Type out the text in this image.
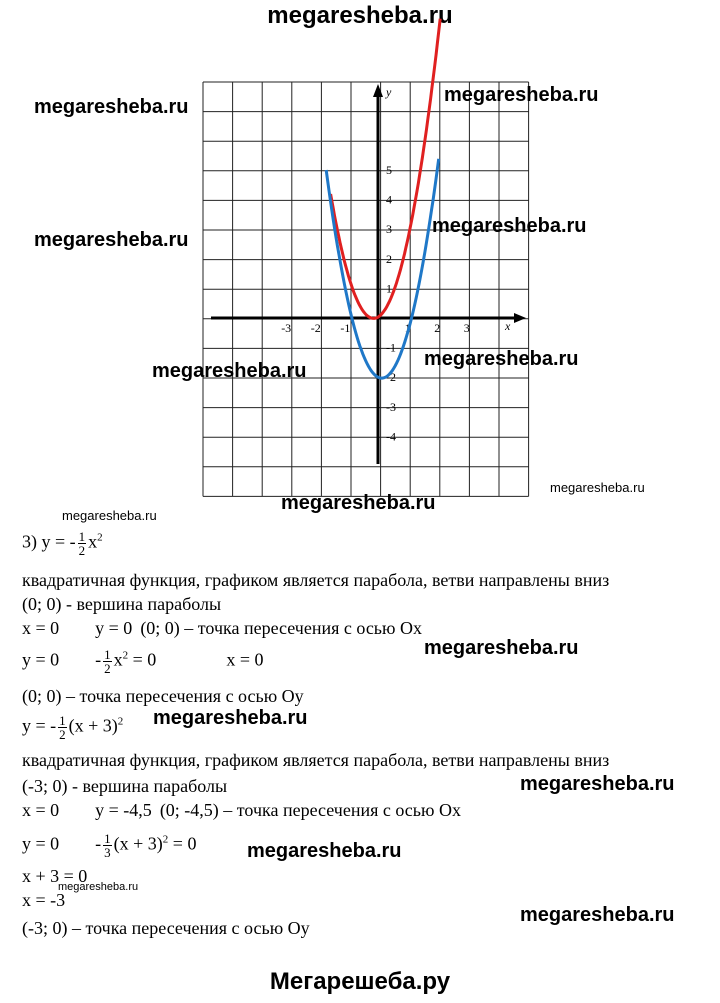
megaresheba.ru
x
y
-3 -2 -1	1 2 3
5
4
3
2
1
-1
-2
-3
-4
megaresheba.ru
megaresheba.ru
megaresheba.ru
megaresheba.ru
megaresheba.ru
megaresheba.ru
megaresheba.ru
megaresheba.ru
megaresheba.ru
megaresheba.ru
megaresheba.ru
megaresheba.ru
megaresheba.ru
megaresheba.ru
megaresheba.ru
3) y = - $\frac{1}{2} x^2$
квадратичная функция, графиком является парабола, ветви направлены вниз
(0; 0) - вершина параболы
x = 0 y = 0 (0; 0) – точка пересечения с осью Ox
$y = 0 - \frac{1}{2} x^2 = 0$	x = 0
(0; 0) – точка пересечения с осью Oy
y = - $\frac{1}{2} (x + 3)^2$
квадратичная функция, графиком является парабола, ветви направлены вниз
(-3; 0) - вершина параболы
x = 0 y = -4,5 (0; -4,5) – точка пересечения с осью Ox
$y = 0 - \frac{1}{3} (x + 3)^2 = 0$
x + 3 = 0
x = -3
(-3; 0) – точка пересечения с осью Oy
Мегарешеба.ру
